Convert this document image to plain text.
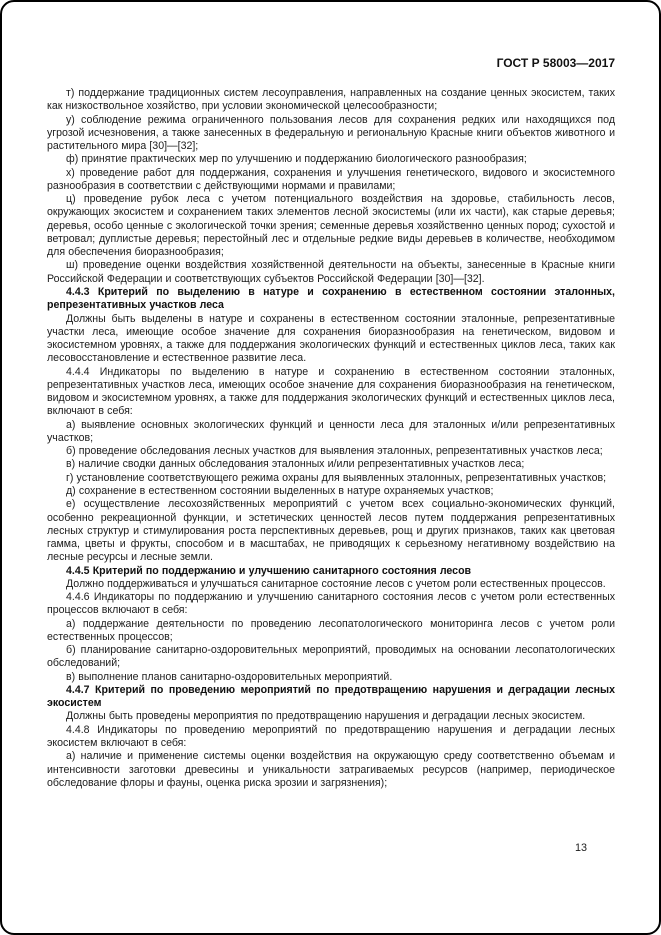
ГОСТ Р 58003—2017

т) поддержание традиционных систем лесоуправления, направленных на создание ценных экосистем, таких как низкоствольное хозяйство, при условии экономической целесообразности;

у) соблюдение режима ограниченного пользования лесов для сохранения редких или находящихся под угрозой исчезновения, а также занесенных в федеральную и региональную Красные книги объектов животного и растительного мира [30]—[32];

ф) принятие практических мер по улучшению и поддержанию биологического разнообразия;

х) проведение работ для поддержания, сохранения и улучшения генетического, видового и экосистемного разнообразия в соответствии с действующими нормами и правилами;

ц) проведение рубок леса с учетом потенциального воздействия на здоровье, стабильность лесов, окружающих экосистем и сохранением таких элементов лесной экосистемы (или их части), как старые деревья; деревья, особо ценные с экологической точки зрения; семенные деревья хозяйственно ценных пород; сухостой и ветровал; дуплистые деревья; перестойный лес и отдельные редкие виды деревьев в количестве, необходимом для обеспечения биоразнообразия;

ш) проведение оценки воздействия хозяйственной деятельности на объекты, занесенные в Красные книги Российской Федерации и соответствующих субъектов Российской Федерации [30]—[32].

4.4.3 Критерий по выделению в натуре и сохранению в естественном состоянии эталонных, репрезентативных участков леса

Должны быть выделены в натуре и сохранены в естественном состоянии эталонные, репрезентативные участки леса, имеющие особое значение для сохранения биоразнообразия на генетическом, видовом и экосистемном уровнях, а также для поддержания экологических функций и естественных циклов леса, таких как лесовосстановление и естественное развитие леса.

4.4.4 Индикаторы по выделению в натуре и сохранению в естественном состоянии эталонных, репрезентативных участков леса, имеющих особое значение для сохранения биоразнообразия на генетическом, видовом и экосистемном уровнях, а также для поддержания экологических функций и естественных циклов леса, включают в себя:

а) выявление основных экологических функций и ценности леса для эталонных и/или репрезентативных участков;

б) проведение обследования лесных участков для выявления эталонных, репрезентативных участков леса;

в) наличие сводки данных обследования эталонных и/или репрезентативных участков леса;

г) установление соответствующего режима охраны для выявленных эталонных, репрезентативных участков;

д) сохранение в естественном состоянии выделенных в натуре охраняемых участков;

е) осуществление лесохозяйственных мероприятий с учетом всех социально-экономических функций, особенно рекреационной функции, и эстетических ценностей лесов путем поддержания репрезентативных лесных структур и стимулирования роста перспективных деревьев, рощ и других признаков, таких как цветовая гамма, цветы и фрукты, способом и в масштабах, не приводящих к серьезному негативному воздействию на лесные ресурсы и лесные земли.

4.4.5 Критерий по поддержанию и улучшению санитарного состояния лесов

Должно поддерживаться и улучшаться санитарное состояние лесов с учетом роли естественных процессов.

4.4.6 Индикаторы по поддержанию и улучшению санитарного состояния лесов с учетом роли естественных процессов включают в себя:

а) поддержание деятельности по проведению лесопатологического мониторинга лесов с учетом роли естественных процессов;

б) планирование санитарно-оздоровительных мероприятий, проводимых на основании лесопатологических обследований;

в) выполнение планов санитарно-оздоровительных мероприятий.

4.4.7 Критерий по проведению мероприятий по предотвращению нарушения и деградации лесных экосистем

Должны быть проведены мероприятия по предотвращению нарушения и деградации лесных экосистем.

4.4.8 Индикаторы по проведению мероприятий по предотвращению нарушения и деградации лесных экосистем включают в себя:

а) наличие и применение системы оценки воздействия на окружающую среду соответственно объемам и интенсивности заготовки древесины и уникальности затрагиваемых ресурсов (например, периодическое обследование флоры и фауны, оценка риска эрозии и загрязнения);

13
